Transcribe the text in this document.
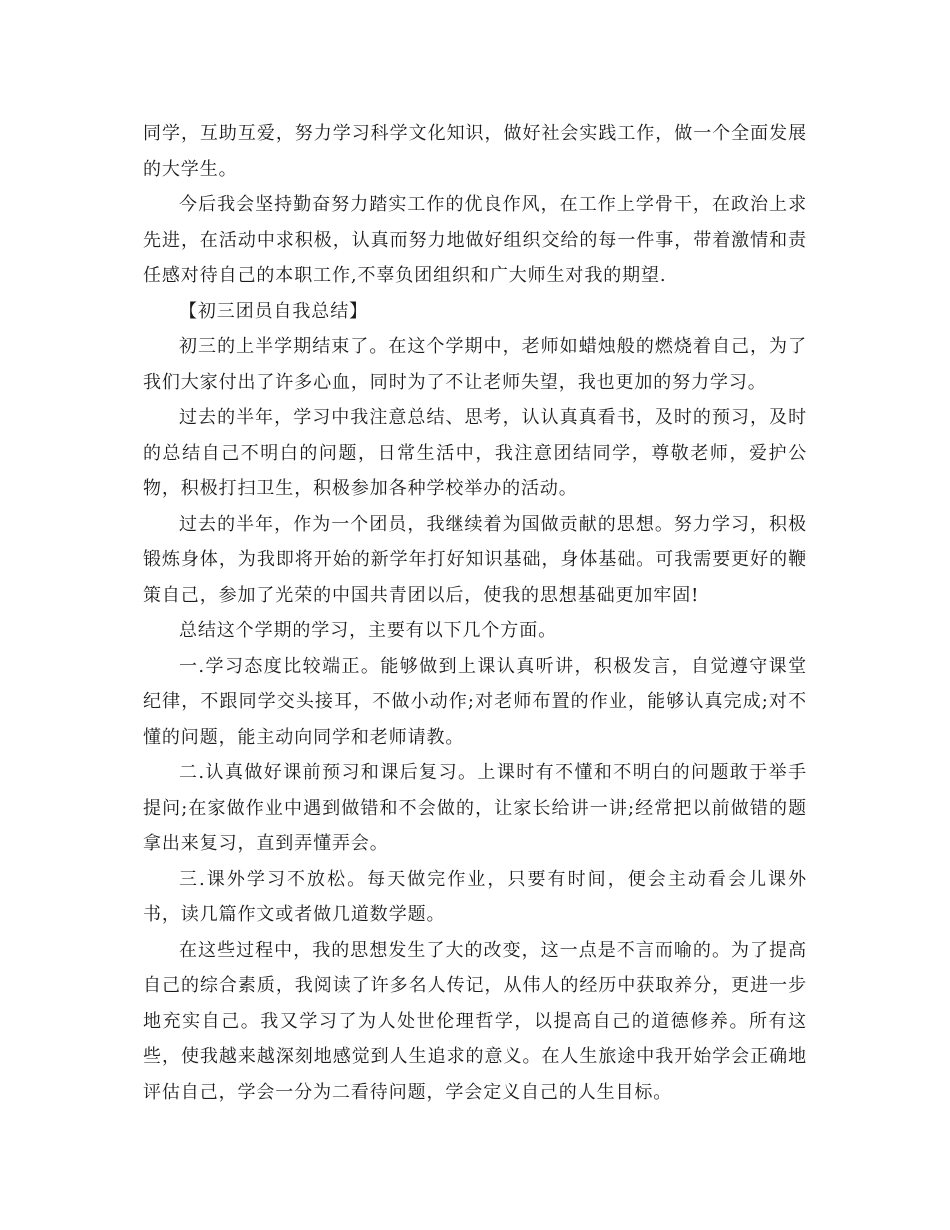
同学，互助互爱，努力学习科学文化知识，做好社会实践工作，做一个全面发展的大学生。

今后我会坚持勤奋努力踏实工作的优良作风，在工作上学骨干，在政治上求先进，在活动中求积极，认真而努力地做好组织交给的每一件事，带着激情和责任感对待自己的本职工作,不辜负团组织和广大师生对我的期望.

【初三团员自我总结】

初三的上半学期结束了。在这个学期中，老师如蜡烛般的燃烧着自己，为了我们大家付出了许多心血，同时为了不让老师失望，我也更加的努力学习。

过去的半年，学习中我注意总结、思考，认认真真看书，及时的预习，及时的总结自己不明白的问题，日常生活中，我注意团结同学，尊敬老师，爱护公物，积极打扫卫生，积极参加各种学校举办的活动。

过去的半年，作为一个团员，我继续着为国做贡献的思想。努力学习，积极锻炼身体，为我即将开始的新学年打好知识基础，身体基础。可我需要更好的鞭策自己，参加了光荣的中国共青团以后，使我的思想基础更加牢固!

总结这个学期的学习，主要有以下几个方面。

一.学习态度比较端正。能够做到上课认真听讲，积极发言，自觉遵守课堂纪律，不跟同学交头接耳，不做小动作;对老师布置的作业，能够认真完成;对不懂的问题，能主动向同学和老师请教。

二.认真做好课前预习和课后复习。上课时有不懂和不明白的问题敢于举手提问;在家做作业中遇到做错和不会做的，让家长给讲一讲;经常把以前做错的题拿出来复习，直到弄懂弄会。

三.课外学习不放松。每天做完作业，只要有时间，便会主动看会儿课外书，读几篇作文或者做几道数学题。

在这些过程中，我的思想发生了大的改变，这一点是不言而喻的。为了提高自己的综合素质，我阅读了许多名人传记，从伟人的经历中获取养分，更进一步地充实自己。我又学习了为人处世伦理哲学，以提高自己的道德修养。所有这些，使我越来越深刻地感觉到人生追求的意义。在人生旅途中我开始学会正确地评估自己，学会一分为二看待问题，学会定义自己的人生目标。
